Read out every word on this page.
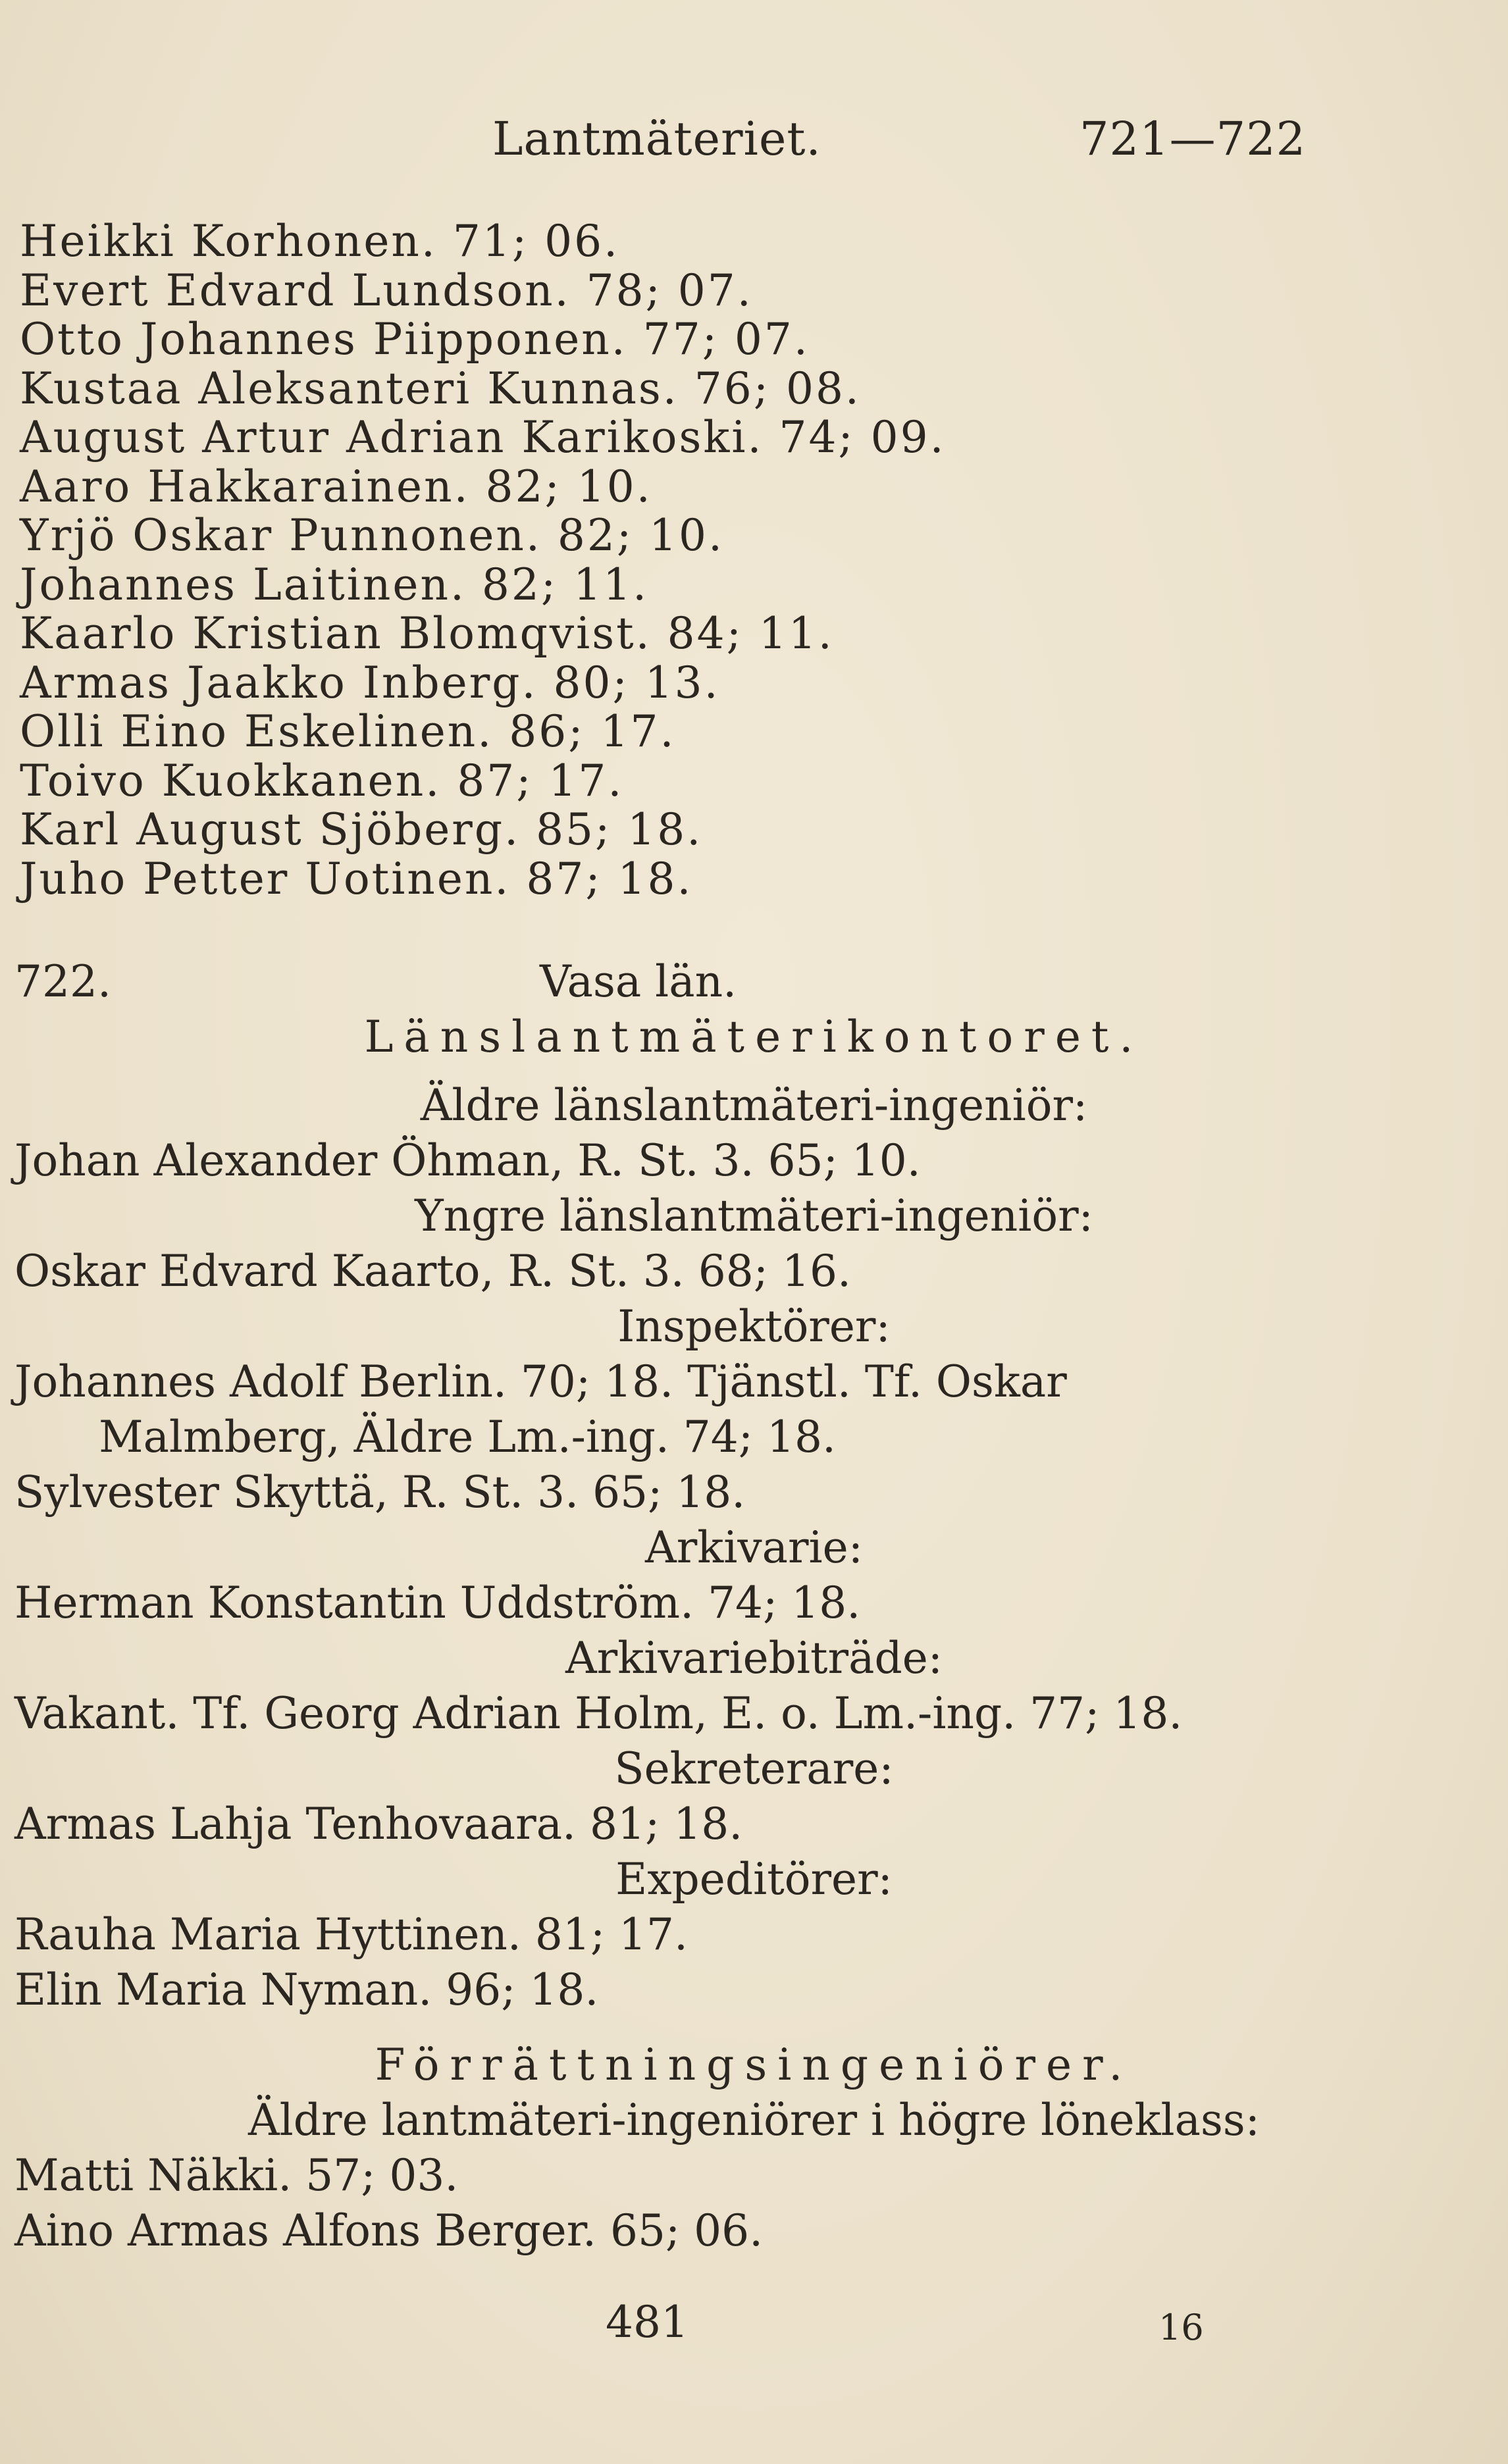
Lantmäteriet.	721—722
Heikki Korhonen. 71; 06.
Evert Edvard Lundson. 78; 07.
Otto Johannes Piipponen. 77; 07.
Kustaa Aleksanteri Kunnas. 76; 08.
August Artur Adrian Karikoski. 74; 09.
Aaro Hakkarainen. 82; 10.
Yrjö Oskar Punnonen. 82; 10.
Johannes Laitinen. 82; 11.
Kaarlo Kristian Blomqvist. 84; 11.
Armas Jaakko Inberg. 80; 13.
Olli Eino Eskelinen. 86; 17.
Toivo Kuokkanen. 87; 17.
Karl August Sjöberg. 85; 18.
Juho Petter Uotinen. 87; 18.
722.	Vasa län.
Länslantmäterikontoret.
Äldre länslantmäteri-ingeniör:
Johan Alexander Öhman, R. St. 3. 65; 10.
Yngre länslantmäteri-ingeniör:
Oskar Edvard Kaarto, R. St. 3. 68; 16.
Inspektörer:
Johannes Adolf Berlin. 70; 18. Tjänstl. Tf. Oskar
Malmberg, Äldre Lm.-ing. 74; 18.
Sylvester Skyttä, R. St. 3. 65; 18.
Arkivarie:
Herman Konstantin Uddström. 74; 18.
Arkivariebiträde:
Vakant. Tf. Georg Adrian Holm, E. o. Lm.-ing. 77; 18.
Sekreterare:
Armas Lahja Tenhovaara. 81; 18.
Expeditörer:
Rauha Maria Hyttinen. 81; 17.
Elin Maria Nyman. 96; 18.
Förrättningsingeniörer.
Äldre lantmäteri-ingeniörer i högre löneklass:
Matti Näkki. 57; 03.
Aino Armas Alfons Berger. 65; 06.
481	16
